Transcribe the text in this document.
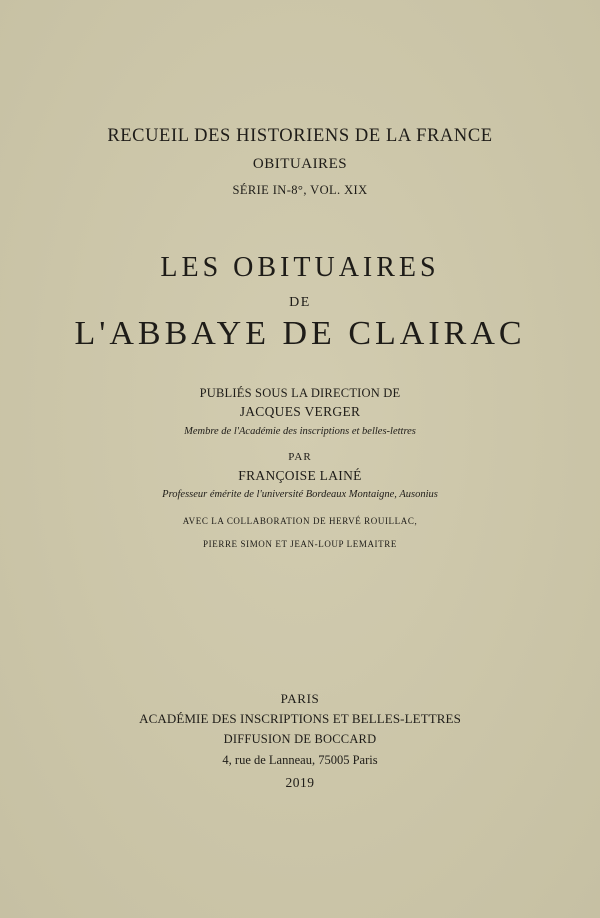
RECUEIL DES HISTORIENS DE LA FRANCE
OBITUAIRES
SÉRIE IN-8°, VOL. XIX
LES OBITUAIRES
DE
L'ABBAYE DE CLAIRAC
PUBLIÉS SOUS LA DIRECTION DE
JACQUES VERGER
Membre de l'Académie des inscriptions et belles-lettres
PAR
FRANÇOISE LAINÉ
Professeur émérite de l'université Bordeaux Montaigne, Ausonius
AVEC LA COLLABORATION DE HERVÉ ROUILLAC,
PIERRE SIMON ET JEAN-LOUP LEMAITRE
PARIS
ACADÉMIE DES INSCRIPTIONS ET BELLES-LETTRES
DIFFUSION DE BOCCARD
4, rue de Lanneau, 75005 Paris
2019
